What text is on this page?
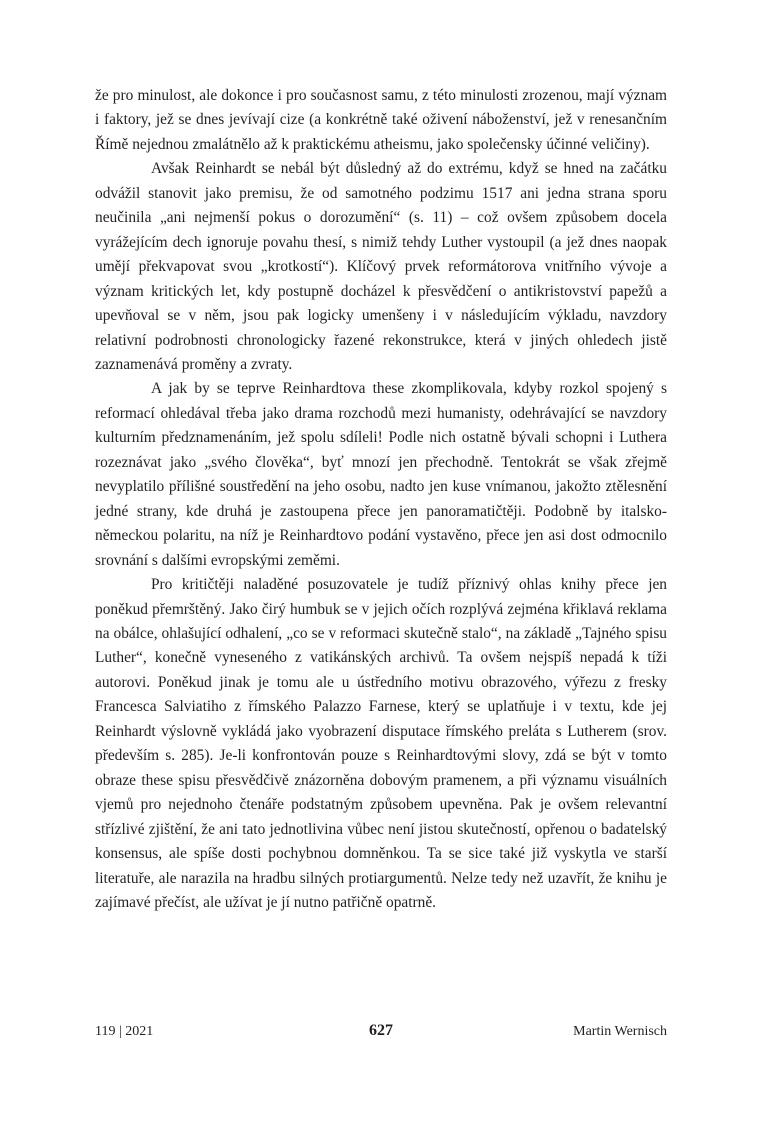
že pro minulost, ale dokonce i pro současnost samu, z této minulosti zrozenou, mají význam i faktory, jež se dnes jevívají cize (a konkrétně také oživení náboženství, jež v renesančním Římě nejednou zmalátnělo až k praktickému atheismu, jako společensky účinné veličiny).

Avšak Reinhardt se nebál být důsledný až do extrému, když se hned na začátku odvážil stanovit jako premisu, že od samotného podzimu 1517 ani jedna strana sporu neučinila „ani nejmenší pokus o dorozumění“ (s. 11) – což ovšem způsobem docela vyrážejícím dech ignoruje povahu thesí, s nimiž tehdy Luther vystoupil (a jež dnes naopak umějí překvapovat svou „krotkostí“). Klíčový prvek reformátorova vnitřního vývoje a význam kritických let, kdy postupně docházel k přesvědčení o antikristovství papežů a upevňoval se v něm, jsou pak logicky umenšeny i v následujícím výkladu, navzdory relativní podrobnosti chronologicky řazené rekonstrukce, která v jiných ohledech jistě zaznamenává proměny a zvraty.

A jak by se teprve Reinhardtova these zkomplikovala, kdyby rozkol spojený s reformací ohledával třeba jako drama rozchodů mezi humanisty, odehrávající se navzdory kulturním předznamenáním, jež spolu sdíleli! Podle nich ostatně bývali schopni i Luthera rozeznávat jako „svého člověka“, byť mnozí jen přechodně. Tentokrát se však zřejmě nevyplatilo přílišné soustředění na jeho osobu, nadto jen kuse vnímanou, jakožto ztělesnění jedné strany, kde druhá je zastoupena přece jen panoramatičtěji. Podobně by italsko-německou polaritu, na níž je Reinhardtovo podání vystavěno, přece jen asi dost odmocnilo srovnání s dalšími evropskými zeměmi.

Pro kritičtěji naladěné posuzovatele je tudíž příznivý ohlas knihy přece jen poněkud přemrštěný. Jako čirý humbuk se v jejich očích rozplývá zejména křiklavá reklama na obálce, ohlašující odhalení, „co se v reformaci skutečně stalo“, na základě „Tajného spisu Luther“, konečně vyneseného z vatikánských archivů. Ta ovšem nejspíš nepadá k tíži autorovi. Poněkud jinak je tomu ale u ústředního motivu obrazového, výřezu z fresky Francesca Salviatiho z římského Palazzo Farnese, který se uplatňuje i v textu, kde jej Reinhardt výslovně vykládá jako vyobrazení disputace římského preláta s Lutherem (srov. především s. 285). Je-li konfrontován pouze s Reinhardtovými slovy, zdá se být v tomto obraze these spisu přesvědčivě znázorněna dobovým pramenem, a při významu visuálních vjemů pro nejednoho čtenáře podstatným způsobem upevněna. Pak je ovšem relevantní střízlivé zjištění, že ani tato jednotlivina vůbec není jistou skutečností, opřenou o badatelský konsensus, ale spíše dosti pochybnou domněnkou. Ta se sice také již vyskytla ve starší literatuře, ale narazila na hradbu silných protiargumentů. Nelze tedy než uzavřít, že knihu je zajímavé přečíst, ale užívat je jí nutno patřičně opatrně.

119 | 2021	627	Martin Wernisch
